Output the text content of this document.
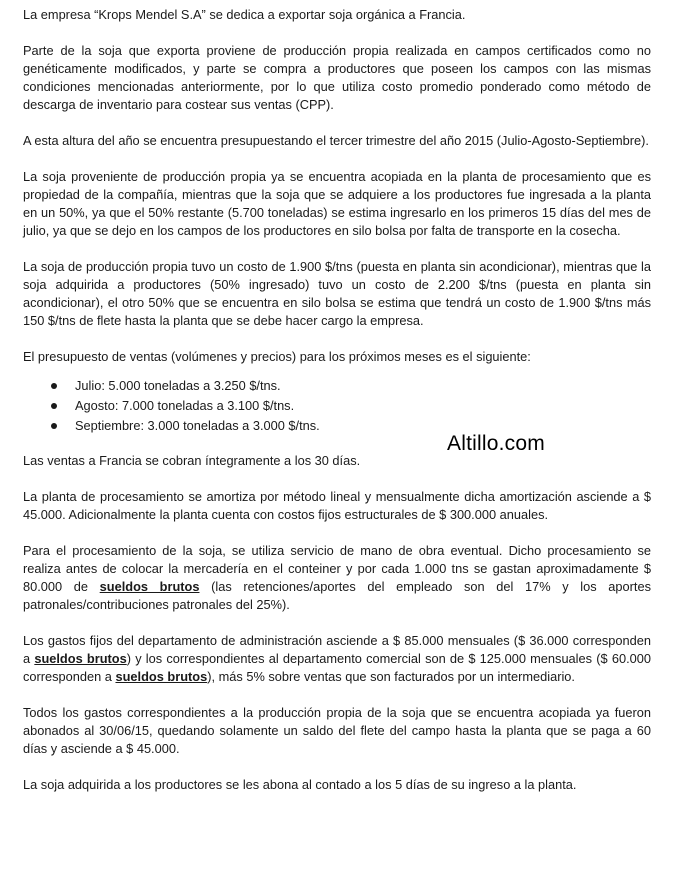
La empresa “Krops Mendel S.A” se dedica a exportar soja orgánica a Francia.

Parte de la soja que exporta proviene de producción propia realizada en campos certificados como no genéticamente modificados, y parte se compra a productores que poseen los campos con las mismas condiciones mencionadas anteriormente, por lo que utiliza costo promedio ponderado como método de descarga de inventario para costear sus ventas (CPP).

A esta altura del año se encuentra presupuestando el tercer trimestre del año 2015 (Julio-Agosto-Septiembre).

La soja proveniente de producción propia ya se encuentra acopiada en la planta de procesamiento que es propiedad de la compañía, mientras que la soja que se adquiere a los productores fue ingresada a la planta en un 50%, ya que el 50% restante (5.700 toneladas) se estima ingresarlo en los primeros 15 días del mes de julio, ya que se dejo en los campos de los productores en silo bolsa por falta de transporte en la cosecha.

La soja de producción propia tuvo un costo de 1.900 $/tns (puesta en planta sin acondicionar), mientras que la soja adquirida a productores (50% ingresado) tuvo un costo de 2.200 $/tns (puesta en planta sin acondicionar), el otro 50% que se encuentra en silo bolsa se estima que tendrá un costo de 1.900 $/tns más 150 $/tns de flete hasta la planta que se debe hacer cargo la empresa.

El presupuesto de ventas (volúmenes y precios) para los próximos meses es el siguiente:

Julio: 5.000 toneladas a 3.250 $/tns.
Agosto: 7.000 toneladas a 3.100 $/tns.
Septiembre: 3.000 toneladas a 3.000 $/tns.

Las ventas a Francia se cobran íntegramente a los 30 días.

La planta de procesamiento se amortiza por método lineal y mensualmente dicha amortización asciende a $ 45.000. Adicionalmente la planta cuenta con costos fijos estructurales de $ 300.000 anuales.

Para el procesamiento de la soja, se utiliza servicio de mano de obra eventual. Dicho procesamiento se realiza antes de colocar la mercadería en el conteiner y por cada 1.000 tns se gastan aproximadamente $ 80.000 de sueldos brutos (las retenciones/aportes del empleado son del 17% y los aportes patronales/contribuciones patronales del 25%).

Los gastos fijos del departamento de administración asciende a $ 85.000 mensuales ($ 36.000 corresponden a sueldos brutos) y los correspondientes al departamento comercial son de $ 125.000 mensuales ($ 60.000 corresponden a sueldos brutos), más 5% sobre ventas que son facturados por un intermediario.

Todos los gastos correspondientes a la producción propia de la soja que se encuentra acopiada ya fueron abonados al 30/06/15, quedando solamente un saldo del flete del campo hasta la planta que se paga a 60 días y asciende a $ 45.000.

La soja adquirida a los productores se les abona al contado a los 5 días de su ingreso a la planta.

Altillo.com
